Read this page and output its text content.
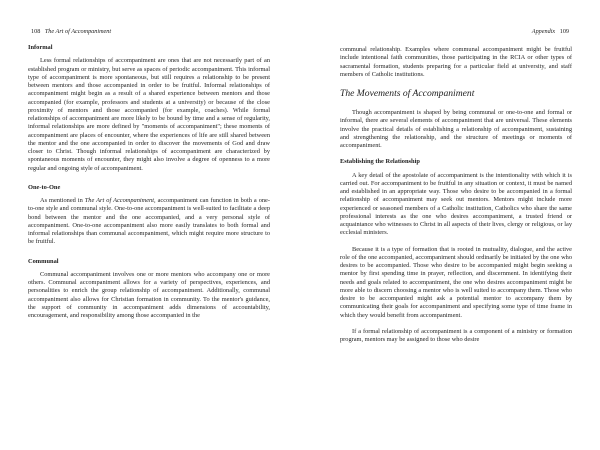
108 The Art of Accompaniment
Informal

Less formal relationships of accompaniment are ones that are not necessarily part of an established program or ministry, but serve as spaces of periodic accompaniment. This informal type of accompaniment is more spontaneous, but still requires a relationship to be present between mentors and those accompanied in order to be fruitful. Informal relationships of accompaniment might begin as a result of a shared experience between mentors and those accompanied (for example, professors and students at a university) or because of the close proximity of mentors and those accompanied (for example, coaches). While formal relationships of accompaniment are more likely to be bound by time and a sense of regularity, informal relationships are more defined by "moments of accompaniment"; these moments of accompaniment are places of encounter, where the experiences of life are still shared between the mentor and the one accompanied in order to discover the movements of God and draw closer to Christ. Though informal relationships of accompaniment are characterized by spontaneous moments of encounter, they might also involve a degree of openness to a more regular and ongoing style of accompaniment.

One-to-One

As mentioned in The Art of Accompaniment, accompaniment can function in both a one-to-one style and communal style. One-to-one accompaniment is well-suited to facilitate a deep bond between the mentor and the one accompanied, and a very personal style of accompaniment. One-to-one accompaniment also more easily translates to both formal and informal relationships than communal accompaniment, which might require more structure to be fruitful.

Communal

Communal accompaniment involves one or more mentors who accompany one or more others. Communal accompaniment allows for a variety of perspectives, experiences, and personalities to enrich the group relationship of accompaniment. Additionally, communal accompaniment also allows for Christian formation in community. To the mentor's guidance, the support of community in accompaniment adds dimensions of accountability, encouragement, and responsibility among those accompanied in the

Appendix 109

communal relationship. Examples where communal accompaniment might be fruitful include intentional faith communities, those participating in the RCIA or other types of sacramental formation, students preparing for a particular field at university, and staff members of Catholic institutions.

The Movements of Accompaniment

Though accompaniment is shaped by being communal or one-to-one and formal or informal, there are several elements of accompaniment that are universal. These elements involve the practical details of establishing a relationship of accompaniment, sustaining and strengthening the relationship, and the structure of meetings or moments of accompaniment.

Establishing the Relationship

A key detail of the apostolate of accompaniment is the intentionality with which it is carried out. For accompaniment to be fruitful in any situation or context, it must be named and established in an appropriate way. Those who desire to be accompanied in a formal relationship of accompaniment may seek out mentors. Mentors might include more experienced or seasoned members of a Catholic institution, Catholics who share the same professional interests as the one who desires accompaniment, a trusted friend or acquaintance who witnesses to Christ in all aspects of their lives, clergy or religious, or lay ecclesial ministers.

Because it is a type of formation that is rooted in mutuality, dialogue, and the active role of the one accompanied, accompaniment should ordinarily be initiated by the one who desires to be accompanied. Those who desire to be accompanied might begin seeking a mentor by first spending time in prayer, reflection, and discernment. In identifying their needs and goals related to accompaniment, the one who desires accompaniment might be more able to discern choosing a mentor who is well suited to accompany them. Those who desire to be accompanied might ask a potential mentor to accompany them by communicating their goals for accompaniment and specifying some type of time frame in which they would benefit from accompaniment.

If a formal relationship of accompaniment is a component of a ministry or formation program, mentors may be assigned to those who desire
